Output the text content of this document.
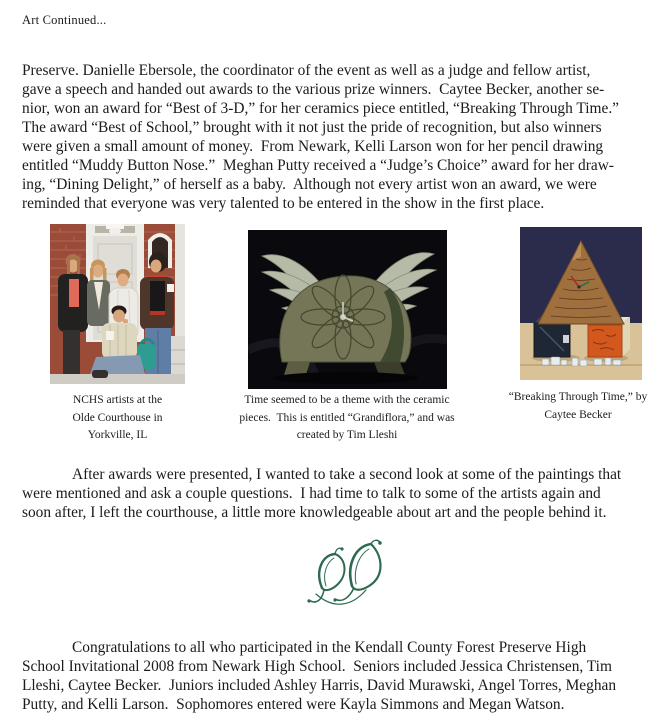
Art Continued...
Preserve. Danielle Ebersole, the coordinator of the event as well as a judge and fellow artist,
gave a speech and handed out awards to the various prize winners.  Caytee Becker, another se-
nior, won an award for “Best of 3-D,” for her ceramics piece entitled, “Breaking Through Time.”
The award “Best of School,” brought with it not just the pride of recognition, but also winners
were given a small amount of money.  From Newark, Kelli Larson won for her pencil drawing
entitled “Muddy Button Nose.”  Meghan Putty received a “Judge’s Choice” award for her draw-
ing, “Dining Delight,” of herself as a baby.  Although not every artist won an award, we were
reminded that everyone was very talented to be entered in the show in the first place.
NCHS artists at the
Olde Courthouse in
Yorkville, IL
Time seemed to be a theme with the ceramic
pieces.  This is entitled “Grandiflora,” and was
created by Tim Lleshi
“Breaking Through Time,” by
Caytee Becker
After awards were presented, I wanted to take a second look at some of the paintings that
were mentioned and ask a couple questions.  I had time to talk to some of the artists again and
soon after, I left the courthouse, a little more knowledgeable about art and the people behind it.
Congratulations to all who participated in the Kendall County Forest Preserve High
School Invitational 2008 from Newark High School.  Seniors included Jessica Christensen, Tim
Lleshi, Caytee Becker.  Juniors included Ashley Harris, David Murawski, Angel Torres, Meghan
Putty, and Kelli Larson.  Sophomores entered were Kayla Simmons and Megan Watson.
